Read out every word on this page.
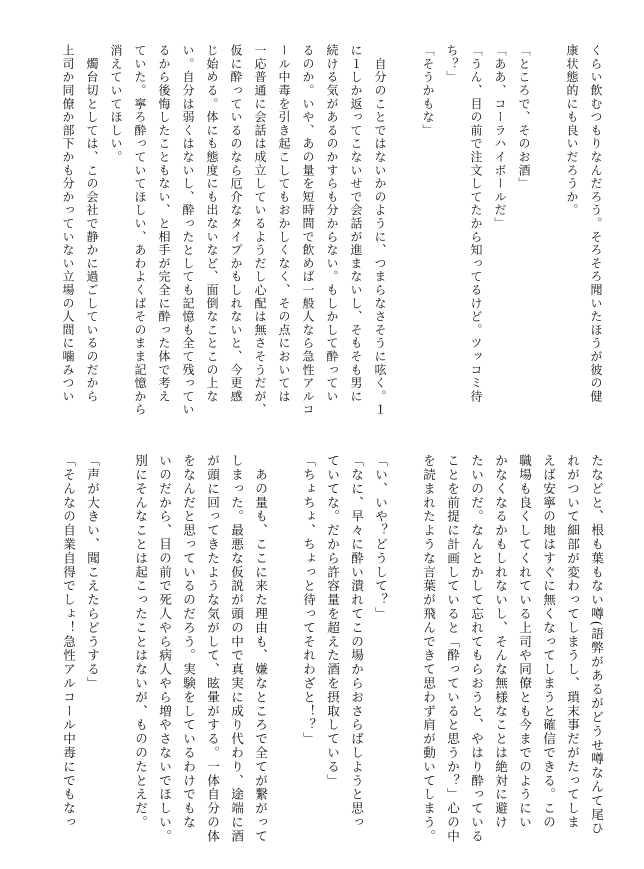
くらい飲むつもりなんだろう。そろそろ聞いたほうが彼の健

康状態的にも良いだろうか。

「ところで、そのお酒」

「ああ、コーラハイボールだ」

「うん、目の前で注文してたから知ってるけど。ツッコミ待

ち？」

「そうかもな」

　自分のことではないかのように、つまらなさそうに呟く。１

に１しか返ってこないせで会話が進まないし、そもそも男に

続ける気があるのかすらも分からない。もしかして酔ってい

るのか。いや、あの量を短時間で飲めば一般人なら急性アルコ

ール中毒を引き起こしてもおかしくなく、その点においては

一応普通に会話は成立しているようだし心配は無さそうだが、

仮に酔っているのなら厄介なタイプかもしれないと、今更感

じ始める。体にも態度にも出ないなど、面倒なことこの上な

い。自分は弱くはないし、酔ったとしても記憶も全て残ってい

るから後悔したこともない、と相手が完全に酔った体で考え

ていた。寧ろ酔っていてほしい、あわよくばそのまま記憶から

消えていてほしい。

　燭台切としては、この会社で静かに過ごしているのだから

上司か同僚か部下かも分かっていない立場の人間に噛みつい

たなどと、根も葉もない噂(語弊があるがどうせ噂なんて尾ひ

れがついて細部が変わってしまうし、瑣末事だがたってしま

えば安寧の地はすぐに無くなってしまうと確信できる。この

職場も良くしてくれている上司や同僚とも今までのようにい

かなくなるかもしれないし、そんな無様なことは絶対に避け

たいのだ。なんとかして忘れてもらおうと、やはり酔っている

ことを前提に計画していると「酔っていると思うか？」心の中

を読まれたような言葉が飛んできて思わず肩が動いてしまう。

「い、いや？どうして？」

「なに、早々に酔い潰れてこの場からおさらばしようと思っ

ていてな。だから許容量を超えた酒を摂取している」

「ちょちょ、ちょっと待ってそれわざと！？」

　あの量も、ここに来た理由も、嫌なところで全てが繋がって

しまった。最悪な仮説が頭の中で真実に成り代わり、途端に酒

が頭に回ってきたような気がして、眩暈がする。一体自分の体

をなんだと思っているのだろう。実験をしているわけでもな

いのだから、目の前で死人やら病人やら増やさないでほしい。

別にそんなことは起こったことはないが、もののたとえだ。

「声が大きい、聞こえたらどうする」

「そんなの自業自得でしょ！急性アルコール中毒にでもなっ
